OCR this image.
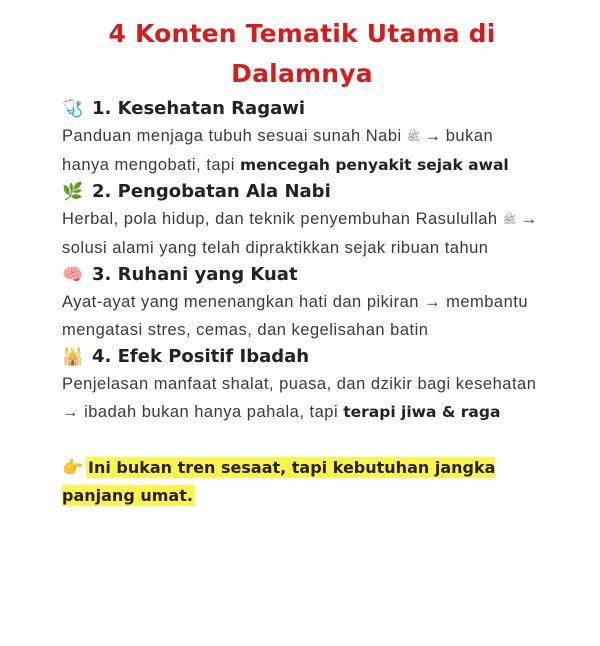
4 Konten Tematik Utama di Dalamnya
🩺 1. Kesehatan Ragawi

Panduan menjaga tubuh sesuai sunah Nabi ﷺ → bukan hanya mengobati, tapi mencegah penyakit sejak awal

🌿 2. Pengobatan Ala Nabi

Herbal, pola hidup, dan teknik penyembuhan Rasulullah ﷺ → solusi alami yang telah dipraktikkan sejak ribuan tahun

🧠 3. Ruhani yang Kuat

Ayat-ayat yang menenangkan hati dan pikiran → membantu mengatasi stres, cemas, dan kegelisahan batin

🕌 4. Efek Positif Ibadah

Penjelasan manfaat shalat, puasa, dan dzikir bagi kesehatan → ibadah bukan hanya pahala, tapi terapi jiwa & raga

👉 Ini bukan tren sesaat, tapi kebutuhan jangka panjang umat.
